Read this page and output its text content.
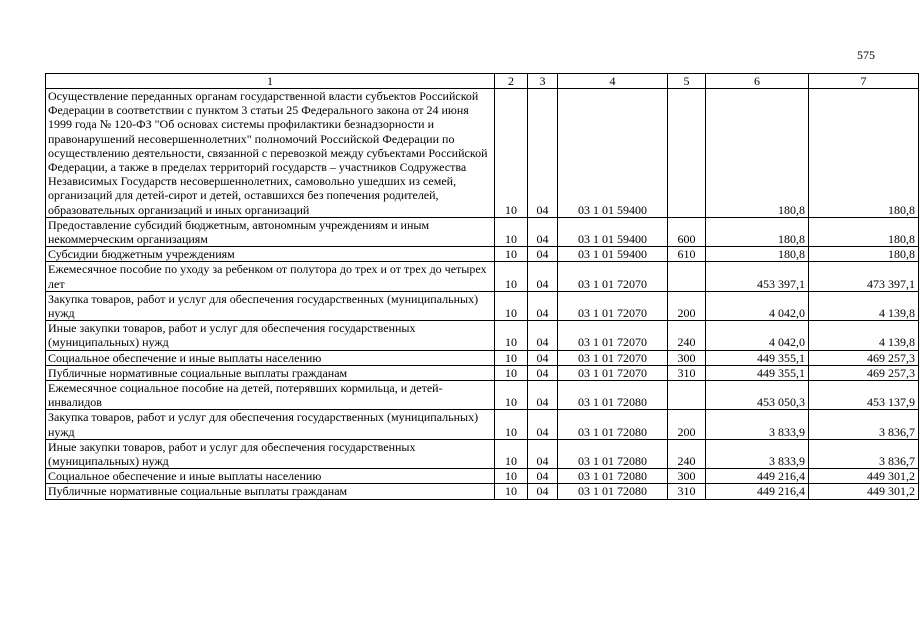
575
1	2	3	4	5	6	7
Осуществление переданных органам государственной власти субъектов Российской Федерации в соответствии с пунктом 3 статьи 25 Федерального закона от 24 июня 1999 года № 120-ФЗ "Об основах системы профилактики безнадзорности и правонарушений несовершеннолетних" полномочий Российской Федерации по осуществлению деятельности, связанной с перевозкой между субъектами Российской Федерации, а также в пределах территорий государств – участников Содружества Независимых Государств несовершеннолетних, самовольно ушедших из семей, организаций для детей-сирот и детей, оставшихся без попечения родителей, образовательных организаций и иных организаций	10	04	03 1 01 59400		180,8	180,8
Предоставление субсидий бюджетным, автономным учреждениям и иным некоммерческим организациям	10	04	03 1 01 59400	600	180,8	180,8
Субсидии бюджетным учреждениям	10	04	03 1 01 59400	610	180,8	180,8
Ежемесячное пособие по уходу за ребенком от полутора до трех и от трех до четырех лет	10	04	03 1 01 72070		453 397,1	473 397,1
Закупка товаров, работ и услуг для обеспечения государственных (муниципальных) нужд	10	04	03 1 01 72070	200	4 042,0	4 139,8
Иные закупки товаров, работ и услуг для обеспечения государственных (муниципальных) нужд	10	04	03 1 01 72070	240	4 042,0	4 139,8
Социальное обеспечение и иные выплаты населению	10	04	03 1 01 72070	300	449 355,1	469 257,3
Публичные нормативные социальные выплаты гражданам	10	04	03 1 01 72070	310	449 355,1	469 257,3
Ежемесячное социальное пособие на детей, потерявших кормильца, и детей-инвалидов	10	04	03 1 01 72080		453 050,3	453 137,9
Закупка товаров, работ и услуг для обеспечения государственных (муниципальных) нужд	10	04	03 1 01 72080	200	3 833,9	3 836,7
Иные закупки товаров, работ и услуг для обеспечения государственных (муниципальных) нужд	10	04	03 1 01 72080	240	3 833,9	3 836,7
Социальное обеспечение и иные выплаты населению	10	04	03 1 01 72080	300	449 216,4	449 301,2
Публичные нормативные социальные выплаты гражданам	10	04	03 1 01 72080	310	449 216,4	449 301,2
